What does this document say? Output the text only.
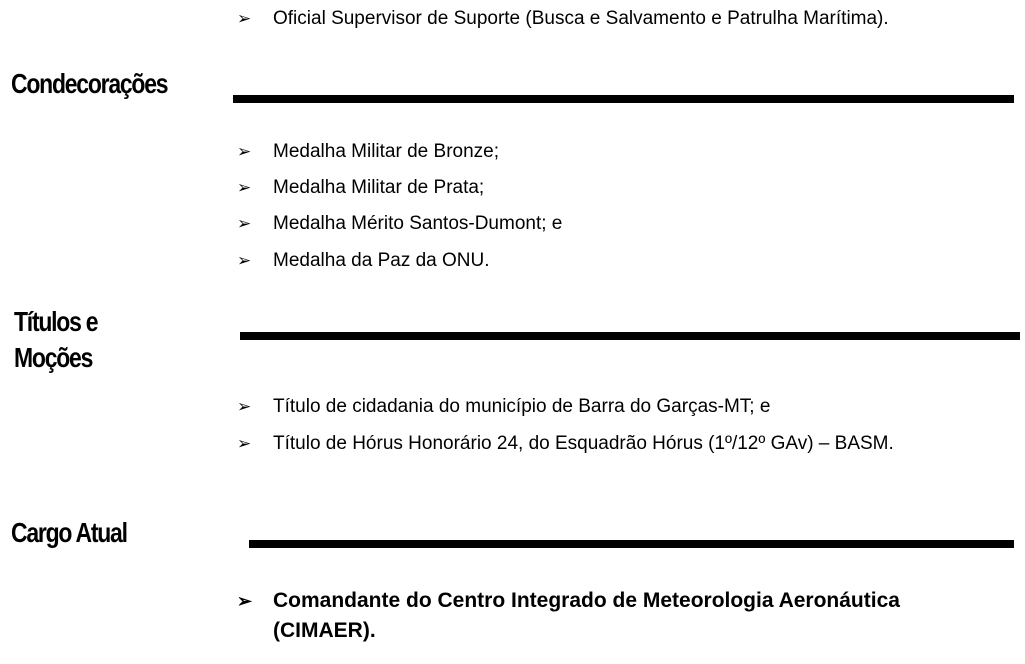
➢ Oficial Supervisor de Suporte (Busca e Salvamento e Patrulha Marítima).
Condecorações
➢ Medalha Militar de Bronze;
➢ Medalha Militar de Prata;
➢ Medalha Mérito Santos-Dumont; e
➢ Medalha da Paz da ONU.
Títulos e
Moções
➢ Título de cidadania do município de Barra do Garças-MT; e
➢ Título de Hórus Honorário 24, do Esquadrão Hórus (1º/12º GAv) – BASM.
Cargo Atual
➢ Comandante do Centro Integrado de Meteorologia Aeronáutica (CIMAER).
